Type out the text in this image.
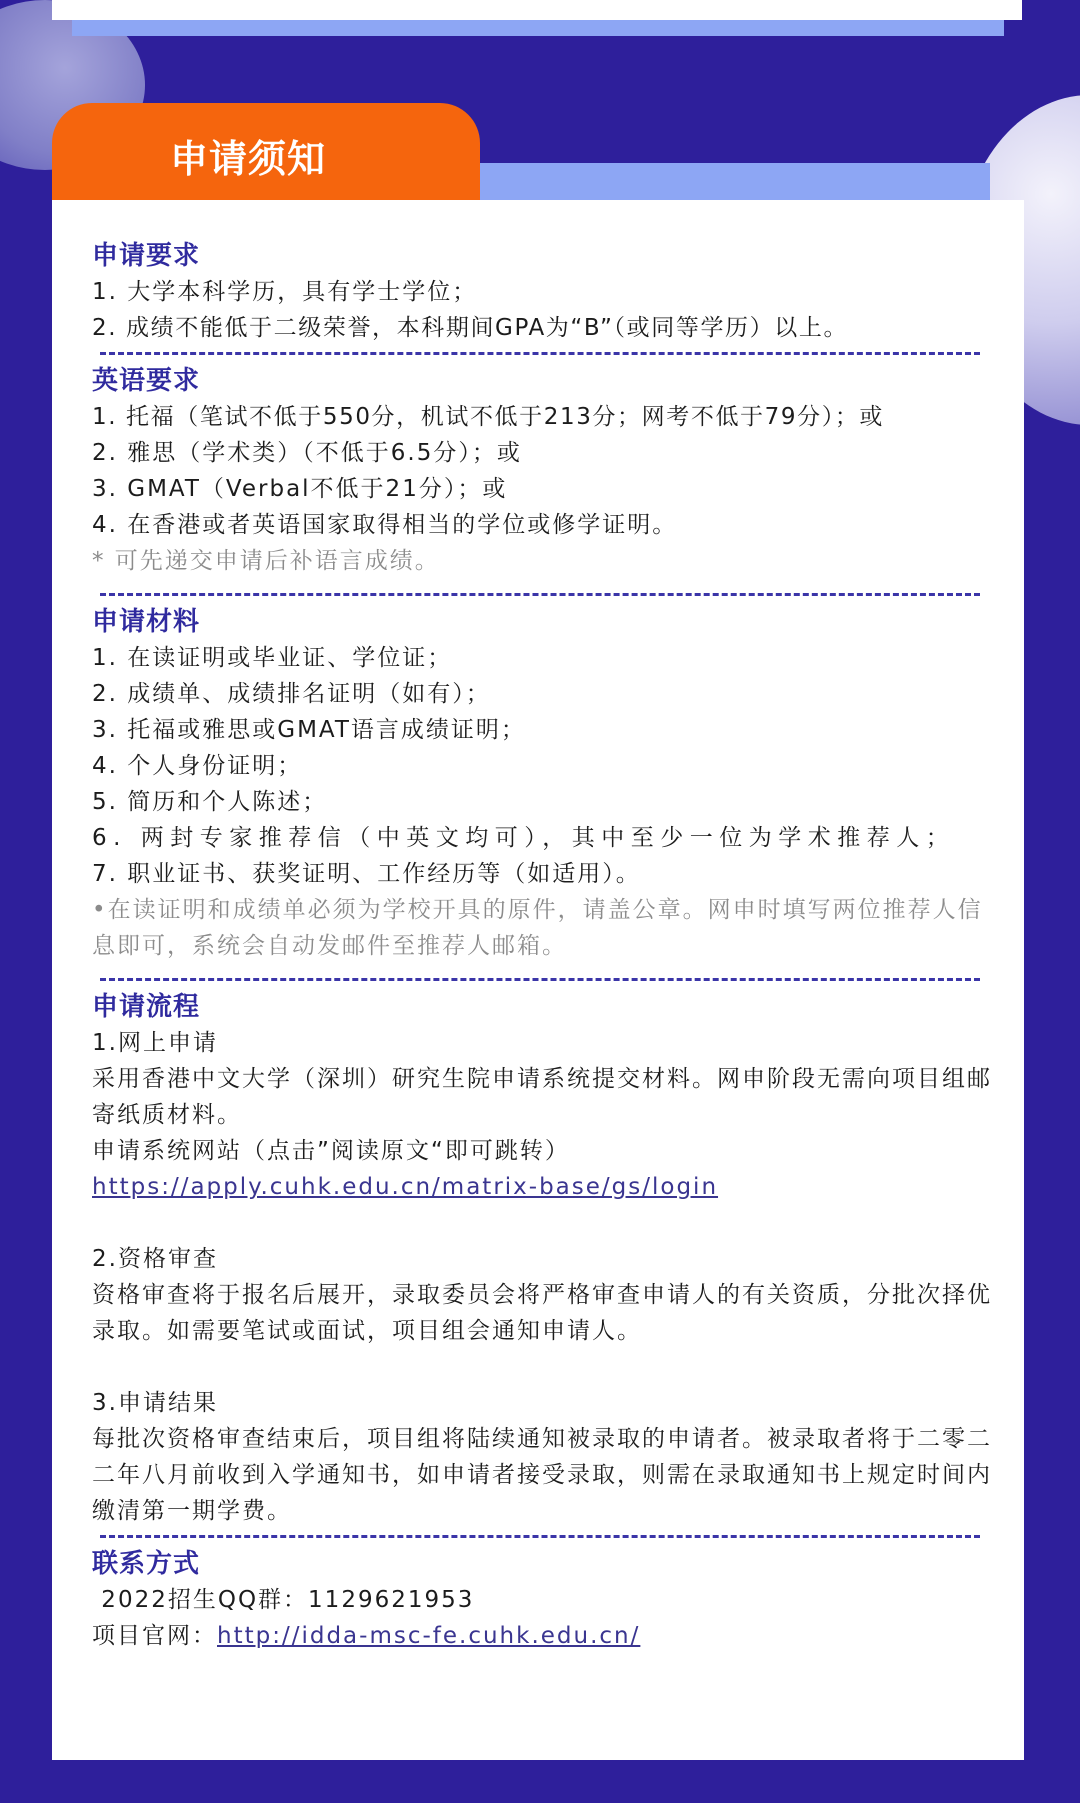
申请须知
申请要求
1. 大学本科学历，具有学士学位；
2. 成绩不能低于二级荣誉，本科期间GPA为“B”（或同等学历）以上。
英语要求
1. 托福（笔试不低于550分，机试不低于213分；网考不低于79分）；或
2. 雅思（学术类）（不低于6.5分）；或
3. GMAT（Verbal不低于21分）；或
4. 在香港或者英语国家取得相当的学位或修学证明。
* 可先递交申请后补语言成绩。
申请材料
1. 在读证明或毕业证、学位证；
2. 成绩单、成绩排名证明（如有）；
3. 托福或雅思或GMAT语言成绩证明；
4. 个人身份证明；
5. 简历和个人陈述；
6. 两封专家推荐信（中英文均可），其中至少一位为学术推荐人；
7. 职业证书、获奖证明、工作经历等（如适用）。
•在读证明和成绩单必须为学校开具的原件，请盖公章。网申时填写两位推荐人信息即可，系统会自动发邮件至推荐人邮箱。
申请流程
1.网上申请
采用香港中文大学（深圳）研究生院申请系统提交材料。网申阶段无需向项目组邮寄纸质材料。
申请系统网站（点击”阅读原文“即可跳转）
https://apply.cuhk.edu.cn/matrix-base/gs/login
2.资格审查
资格审查将于报名后展开，录取委员会将严格审查申请人的有关资质，分批次择优录取。如需要笔试或面试，项目组会通知申请人。
3.申请结果
每批次资格审查结束后，项目组将陆续通知被录取的申请者。被录取者将于二零二二年八月前收到入学通知书，如申请者接受录取，则需在录取通知书上规定时间内缴清第一期学费。
联系方式
2022招生QQ群：1129621953
项目官网：http://idda-msc-fe.cuhk.edu.cn/
